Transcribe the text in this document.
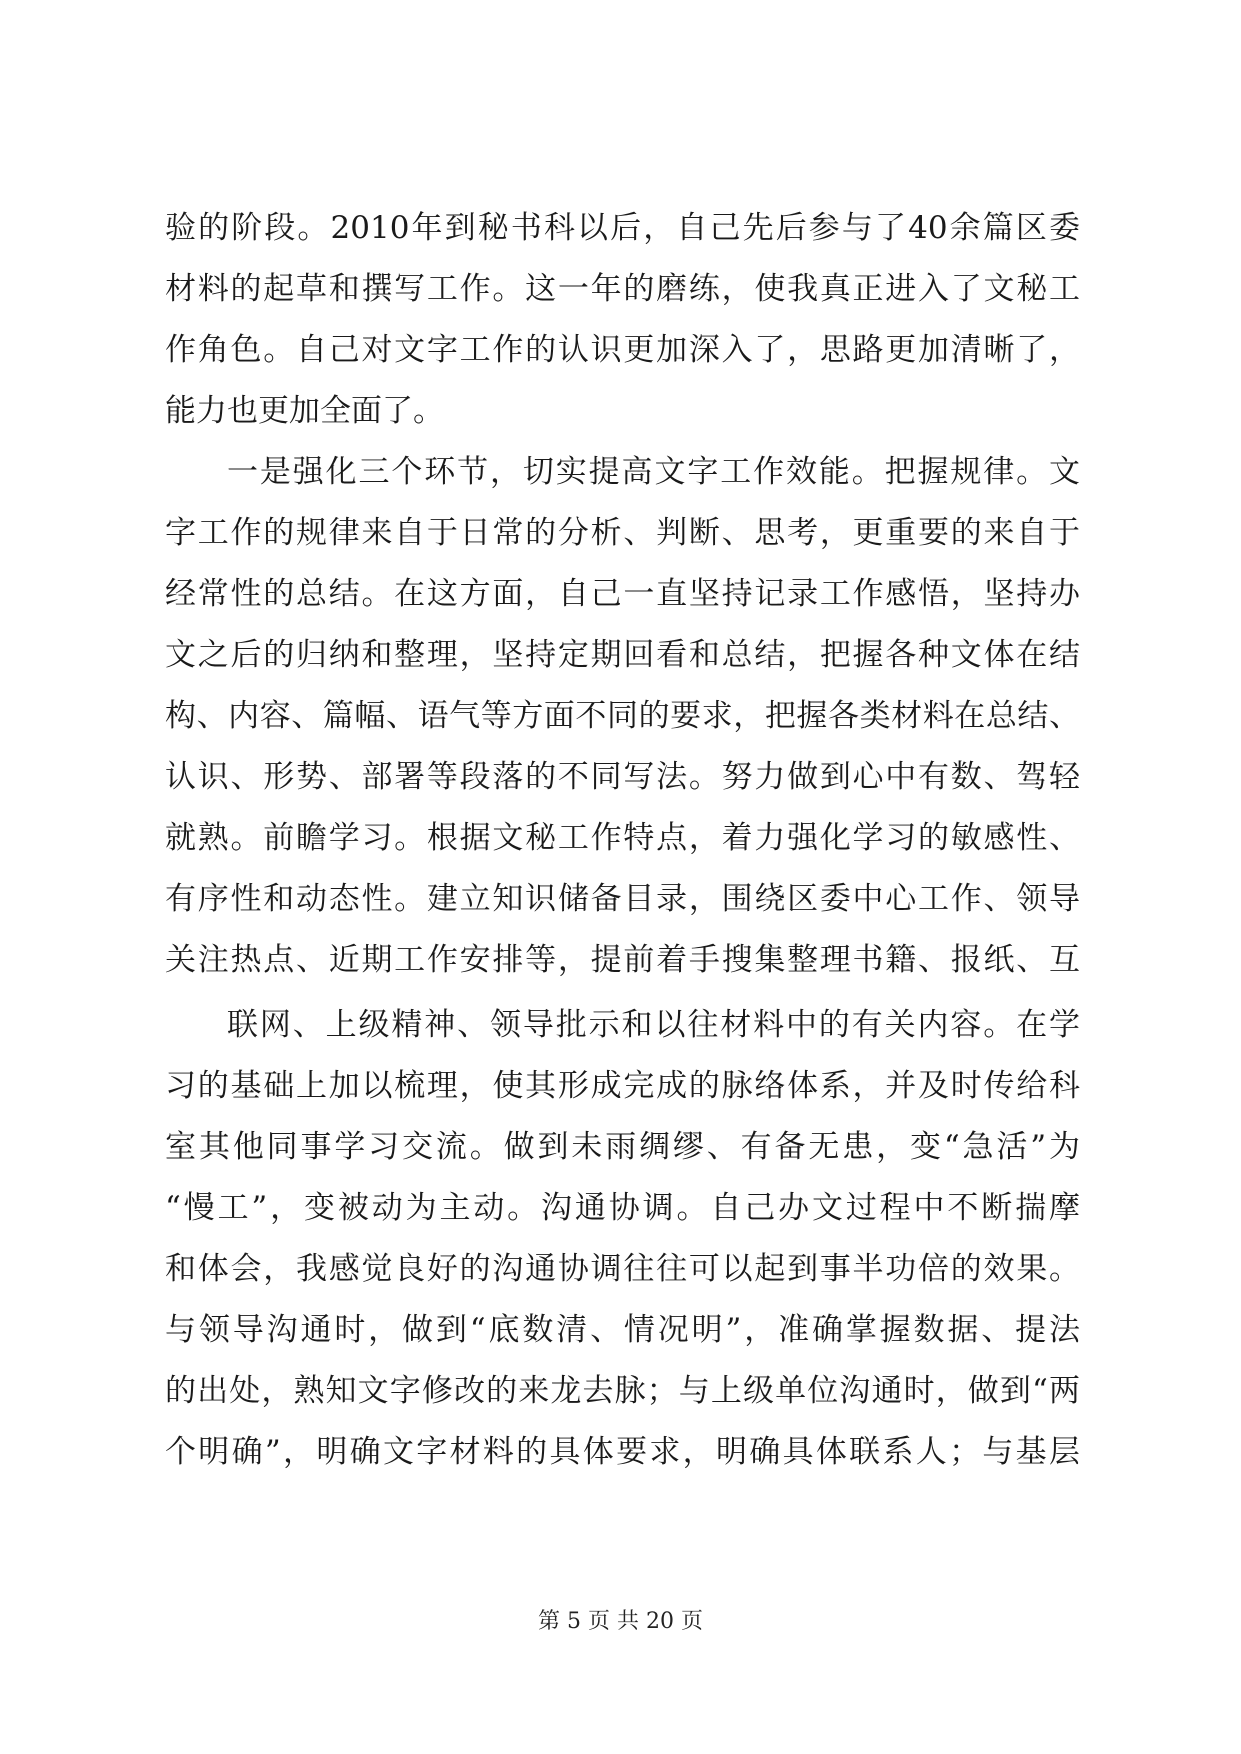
验的阶段。2010年到秘书科以后，自己先后参与了40余篇区委
材料的起草和撰写工作。这一年的磨练，使我真正进入了文秘工
作角色。自己对文字工作的认识更加深入了，思路更加清晰了，
能力也更加全面了。
一是强化三个环节，切实提高文字工作效能。把握规律。文
字工作的规律来自于日常的分析、判断、思考，更重要的来自于
经常性的总结。在这方面，自己一直坚持记录工作感悟，坚持办
文之后的归纳和整理，坚持定期回看和总结，把握各种文体在结
构、内容、篇幅、语气等方面不同的要求，把握各类材料在总结、
认识、形势、部署等段落的不同写法。努力做到心中有数、驾轻
就熟。前瞻学习。根据文秘工作特点，着力强化学习的敏感性、
有序性和动态性。建立知识储备目录，围绕区委中心工作、领导
关注热点、近期工作安排等，提前着手搜集整理书籍、报纸、互
联网、上级精神、领导批示和以往材料中的有关内容。在学
习的基础上加以梳理，使其形成完成的脉络体系，并及时传给科
室其他同事学习交流。做到未雨绸缪、有备无患，变“急活”为
“慢工”，变被动为主动。沟通协调。自己办文过程中不断揣摩
和体会，我感觉良好的沟通协调往往可以起到事半功倍的效果。
与领导沟通时，做到“底数清、情况明”，准确掌握数据、提法
的出处，熟知文字修改的来龙去脉；与上级单位沟通时，做到“两
个明确”，明确文字材料的具体要求，明确具体联系人；与基层
第 5 页 共 20 页
